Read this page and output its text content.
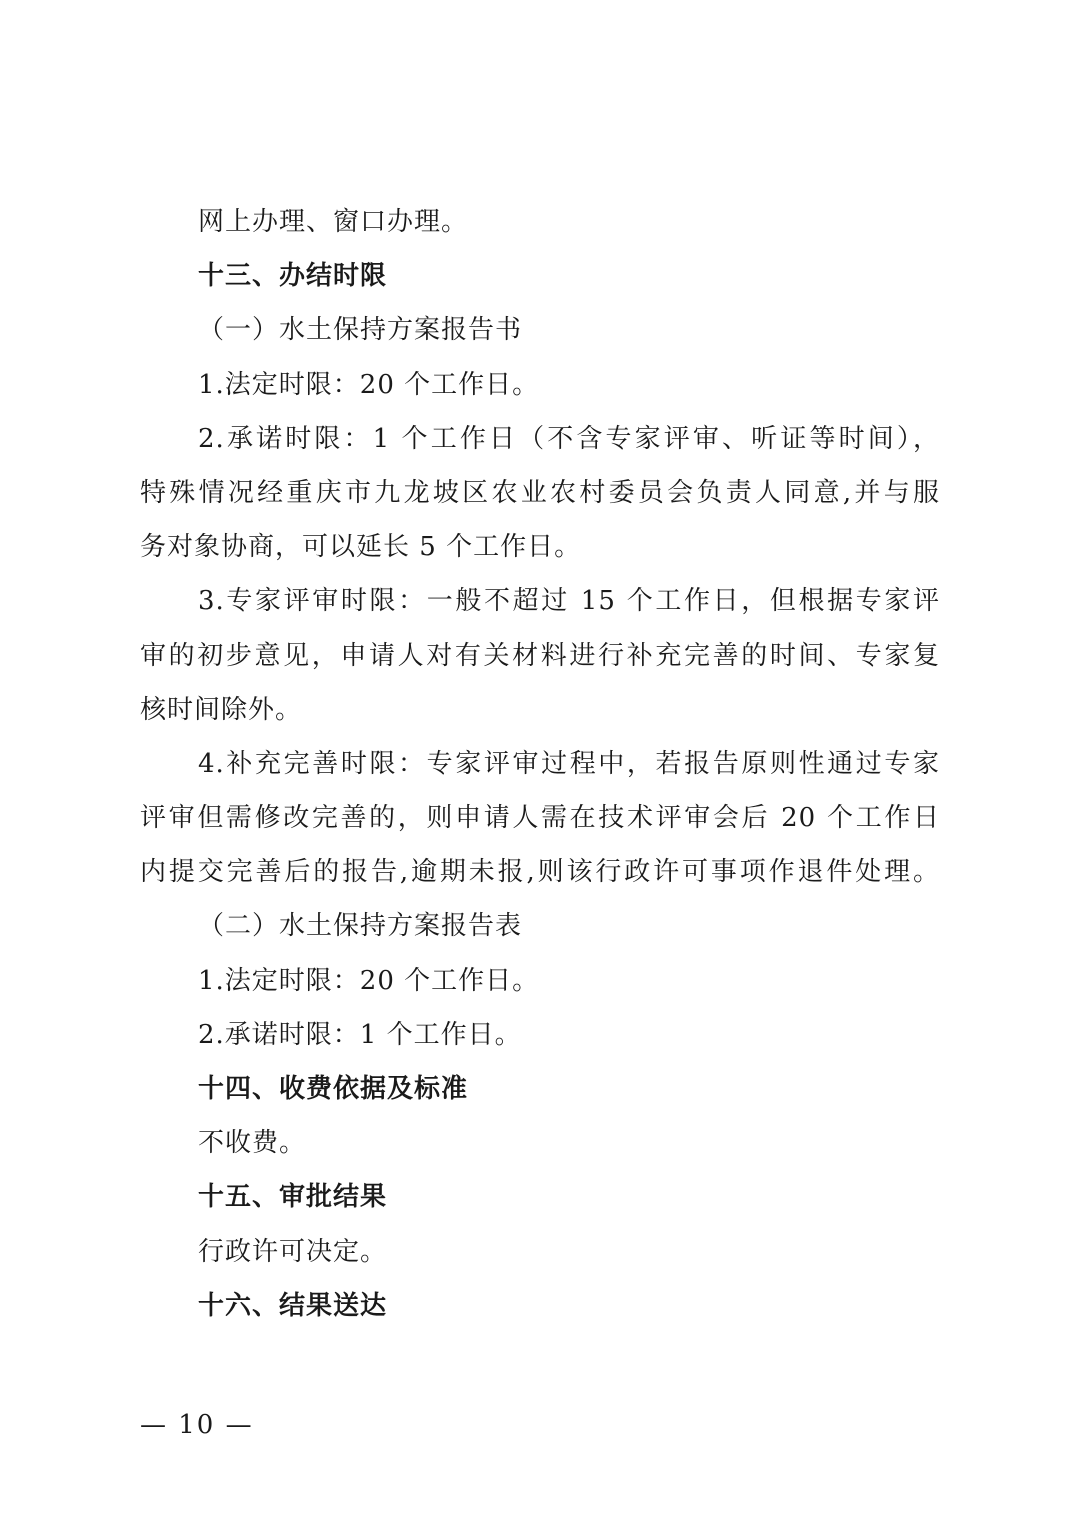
网上办理、窗口办理。
十三、办结时限
（一）水土保持方案报告书
1.法定时限：20 个工作日。
2.承诺时限：1 个工作日（不含专家评审、听证等时间），
特殊情况经重庆市九龙坡区农业农村委员会负责人同意,并与服
务对象协商，可以延长 5 个工作日。
3.专家评审时限：一般不超过 15 个工作日，但根据专家评
审的初步意见，申请人对有关材料进行补充完善的时间、专家复
核时间除外。
4.补充完善时限：专家评审过程中，若报告原则性通过专家
评审但需修改完善的，则申请人需在技术评审会后 20 个工作日
内提交完善后的报告,逾期未报,则该行政许可事项作退件处理。
（二）水土保持方案报告表
1.法定时限：20 个工作日。
2.承诺时限：1 个工作日。
十四、收费依据及标准
不收费。
十五、审批结果
行政许可决定。
十六、结果送达
— 10 —
